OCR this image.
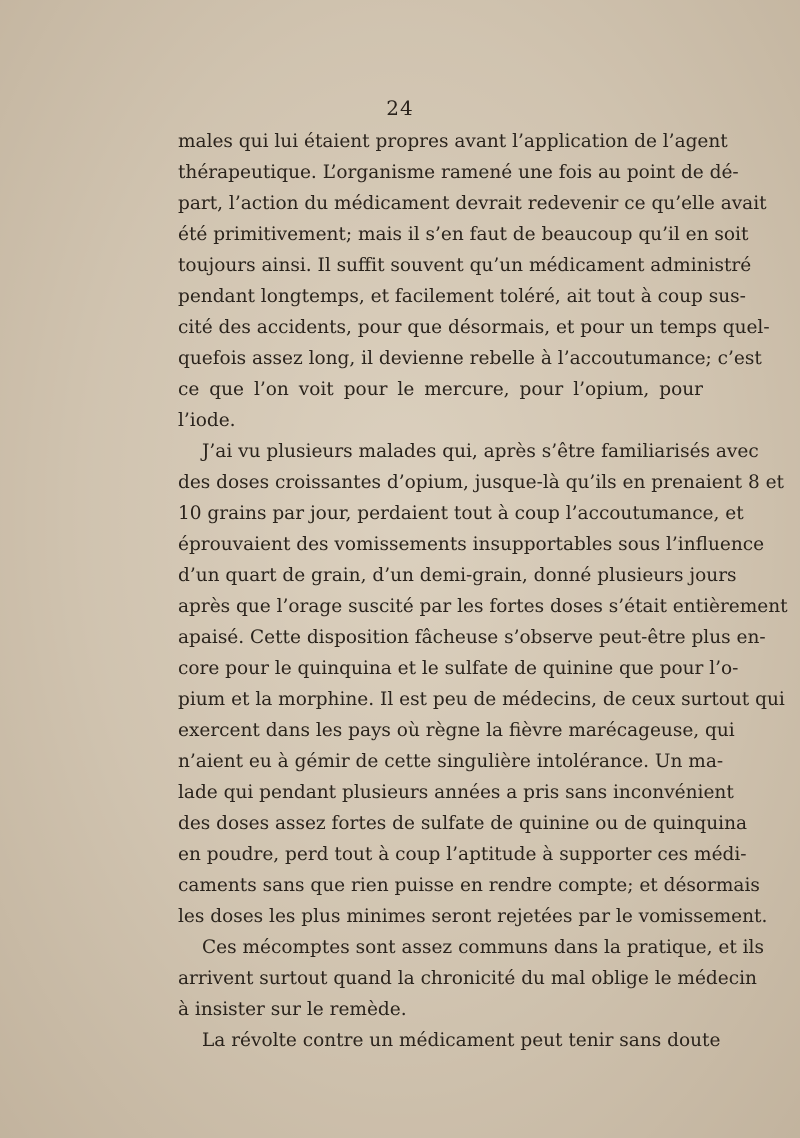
24
males qui lui étaient propres avant l’application de l’agent
thérapeutique. L’organisme ramené une fois au point de dé-
part, l’action du médicament devrait redevenir ce qu’elle avait
été primitivement; mais il s’en faut de beaucoup qu’il en soit
toujours ainsi. Il suffit souvent qu’un médicament administré
pendant longtemps, et facilement toléré, ait tout à coup sus-
cité des accidents, pour que désormais, et pour un temps quel-
quefois assez long, il devienne rebelle à l’accoutumance; c’est
ce que l’on voit pour le mercure, pour l’opium, pour
l’iode.
J’ai vu plusieurs malades qui, après s’être familiarisés avec
des doses croissantes d’opium, jusque-là qu’ils en prenaient 8 et
10 grains par jour, perdaient tout à coup l’accoutumance, et
éprouvaient des vomissements insupportables sous l’influence
d’un quart de grain, d’un demi-grain, donné plusieurs jours
après que l’orage suscité par les fortes doses s’était entièrement
apaisé. Cette disposition fâcheuse s’observe peut-être plus en-
core pour le quinquina et le sulfate de quinine que pour l’o-
pium et la morphine. Il est peu de médecins, de ceux surtout qui
exercent dans les pays où règne la fièvre marécageuse, qui
n’aient eu à gémir de cette singulière intolérance. Un ma-
lade qui pendant plusieurs années a pris sans inconvénient
des doses assez fortes de sulfate de quinine ou de quinquina
en poudre, perd tout à coup l’aptitude à supporter ces médi-
caments sans que rien puisse en rendre compte; et désormais
les doses les plus minimes seront rejetées par le vomissement.
Ces mécomptes sont assez communs dans la pratique, et ils
arrivent surtout quand la chronicité du mal oblige le médecin
à insister sur le remède.
La révolte contre un médicament peut tenir sans doute
